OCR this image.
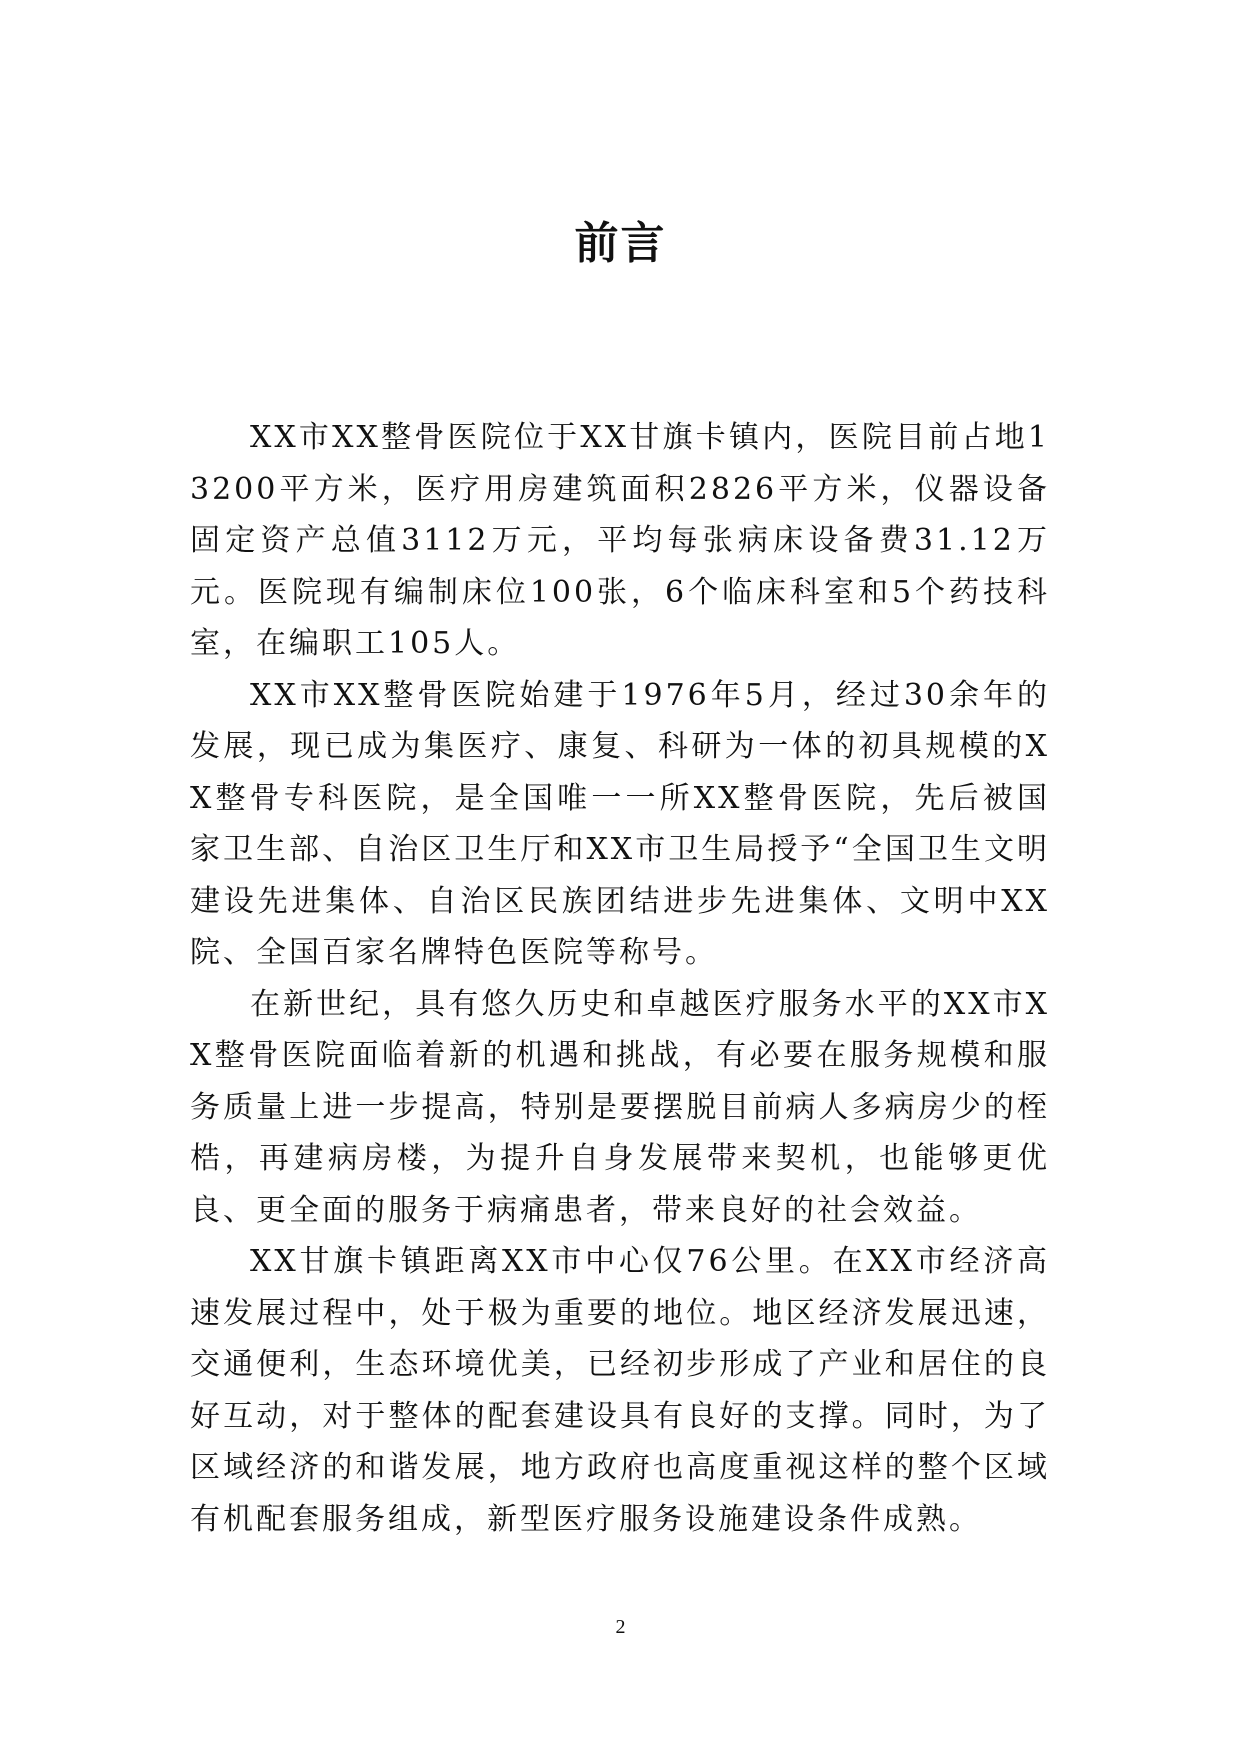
前言

XX市XX整骨医院位于XX甘旗卡镇内，医院目前占地13200平方米，医疗用房建筑面积2826平方米，仪器设备固定资产总值3112万元，平均每张病床设备费31.12万元。医院现有编制床位100张，6个临床科室和5个药技科室，在编职工105人。

XX市XX整骨医院始建于1976年5月，经过30余年的发展，现已成为集医疗、康复、科研为一体的初具规模的XX整骨专科医院，是全国唯一一所XX整骨医院，先后被国家卫生部、自治区卫生厅和XX市卫生局授予“全国卫生文明建设先进集体、自治区民族团结进步先进集体、文明中XX院、全国百家名牌特色医院等称号。

在新世纪，具有悠久历史和卓越医疗服务水平的XX市XX整骨医院面临着新的机遇和挑战，有必要在服务规模和服务质量上进一步提高，特别是要摆脱目前病人多病房少的桎梏，再建病房楼，为提升自身发展带来契机，也能够更优良、更全面的服务于病痛患者，带来良好的社会效益。

XX甘旗卡镇距离XX市中心仅76公里。在XX市经济高速发展过程中，处于极为重要的地位。地区经济发展迅速，交通便利，生态环境优美，已经初步形成了产业和居住的良好互动，对于整体的配套建设具有良好的支撑。同时，为了区域经济的和谐发展，地方政府也高度重视这样的整个区域有机配套服务组成，新型医疗服务设施建设条件成熟。

2
